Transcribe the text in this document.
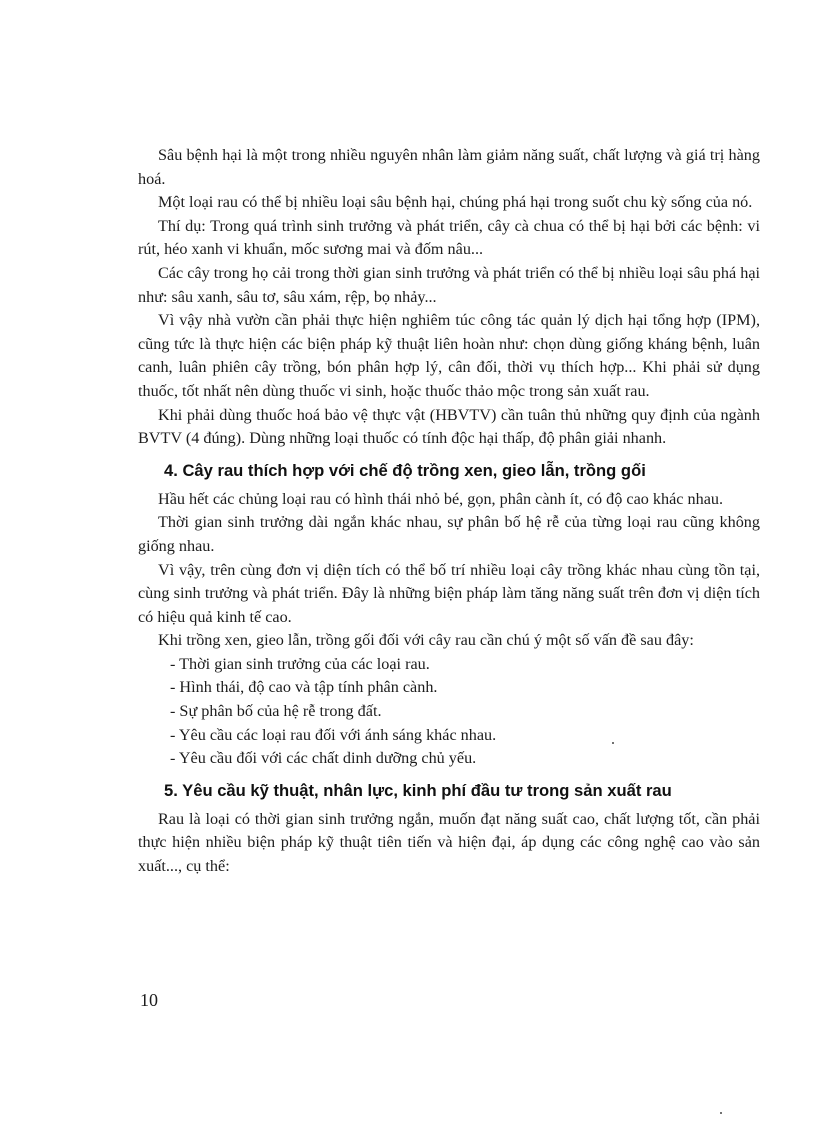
Sâu bệnh hại là một trong nhiều nguyên nhân làm giảm năng suất, chất lượng và giá trị hàng hoá.

Một loại rau có thể bị nhiều loại sâu bệnh hại, chúng phá hại trong suốt chu kỳ sống của nó.

Thí dụ: Trong quá trình sinh trưởng và phát triển, cây cà chua có thể bị hại bởi các bệnh: vi rút, héo xanh vi khuẩn, mốc sương mai và đốm nâu...

Các cây trong họ cải trong thời gian sinh trưởng và phát triển có thể bị nhiều loại sâu phá hại như: sâu xanh, sâu tơ, sâu xám, rệp, bọ nhảy...

Vì vậy nhà vườn cần phải thực hiện nghiêm túc công tác quản lý dịch hại tổng hợp (IPM), cũng tức là thực hiện các biện pháp kỹ thuật liên hoàn như: chọn dùng giống kháng bệnh, luân canh, luân phiên cây trồng, bón phân hợp lý, cân đối, thời vụ thích hợp... Khi phải sử dụng thuốc, tốt nhất nên dùng thuốc vi sinh, hoặc thuốc thảo mộc trong sản xuất rau.

Khi phải dùng thuốc hoá bảo vệ thực vật (HBVTV) cần tuân thủ những quy định của ngành BVTV (4 đúng). Dùng những loại thuốc có tính độc hại thấp, độ phân giải nhanh.

4. Cây rau thích hợp với chế độ trồng xen, gieo lẫn, trồng gối

Hầu hết các chủng loại rau có hình thái nhỏ bé, gọn, phân cành ít, có độ cao khác nhau.

Thời gian sinh trưởng dài ngắn khác nhau, sự phân bố hệ rễ của từng loại rau cũng không giống nhau.

Vì vậy, trên cùng đơn vị diện tích có thể bố trí nhiều loại cây trồng khác nhau cùng tồn tại, cùng sinh trưởng và phát triển. Đây là những biện pháp làm tăng năng suất trên đơn vị diện tích có hiệu quả kinh tế cao.

Khi trồng xen, gieo lẫn, trồng gối đối với cây rau cần chú ý một số vấn đề sau đây:

- Thời gian sinh trưởng của các loại rau.

- Hình thái, độ cao và tập tính phân cành.

- Sự phân bố của hệ rễ trong đất.

- Yêu cầu các loại rau đối với ánh sáng khác nhau.

- Yêu cầu đối với các chất dinh dưỡng chủ yếu.

5. Yêu cầu kỹ thuật, nhân lực, kinh phí đầu tư trong sản xuất rau

Rau là loại có thời gian sinh trưởng ngắn, muốn đạt năng suất cao, chất lượng tốt, cần phải thực hiện nhiều biện pháp kỹ thuật tiên tiến và hiện đại, áp dụng các công nghệ cao vào sản xuất..., cụ thể:

10
